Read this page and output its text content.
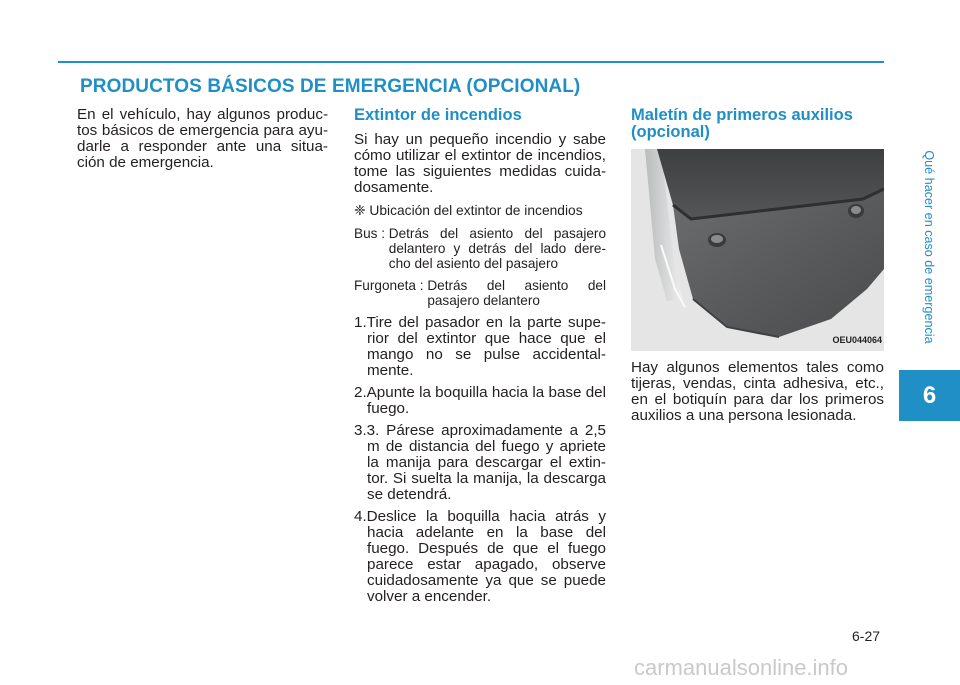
PRODUCTOS BÁSICOS DE EMERGENCIA (OPCIONAL)

En el vehículo, hay algunos produc-tos básicos de emergencia para ayu-darle a responder ante una situa-ción de emergencia.

Extintor de incendios

Si hay un pequeño incendio y sabe cómo utilizar el extintor de incendios, tome las siguientes medidas cuida-dosamente.

❈ Ubicación del extintor de incendios

Bus : Detrás del asiento del pasajero delantero y detrás del lado dere-cho del asiento del pasajero
Furgoneta : Detrás del asiento del pasajero delantero

1.Tire del pasador en la parte supe-rior del extintor que hace que el mango no se pulse accidental-mente.

2.Apunte la boquilla hacia la base del fuego.

3.3. Párese aproximadamente a 2,5 m de distancia del fuego y apriete la manija para descargar el extin-tor. Si suelta la manija, la descarga se detendrá.

4.Deslice la boquilla hacia atrás y hacia adelante en la base del fuego. Después de que el fuego parece estar apagado, observe cuidadosamente ya que se puede volver a encender.

Maletín de primeros auxilios (opcional)
OEU044064

Hay algunos elementos tales como tijeras, vendas, cinta adhesiva, etc., en el botiquín para dar los primeros auxilios a una persona lesionada.

Qué hacer en caso de emergencia
6
6-27
carmanualsonline.info
